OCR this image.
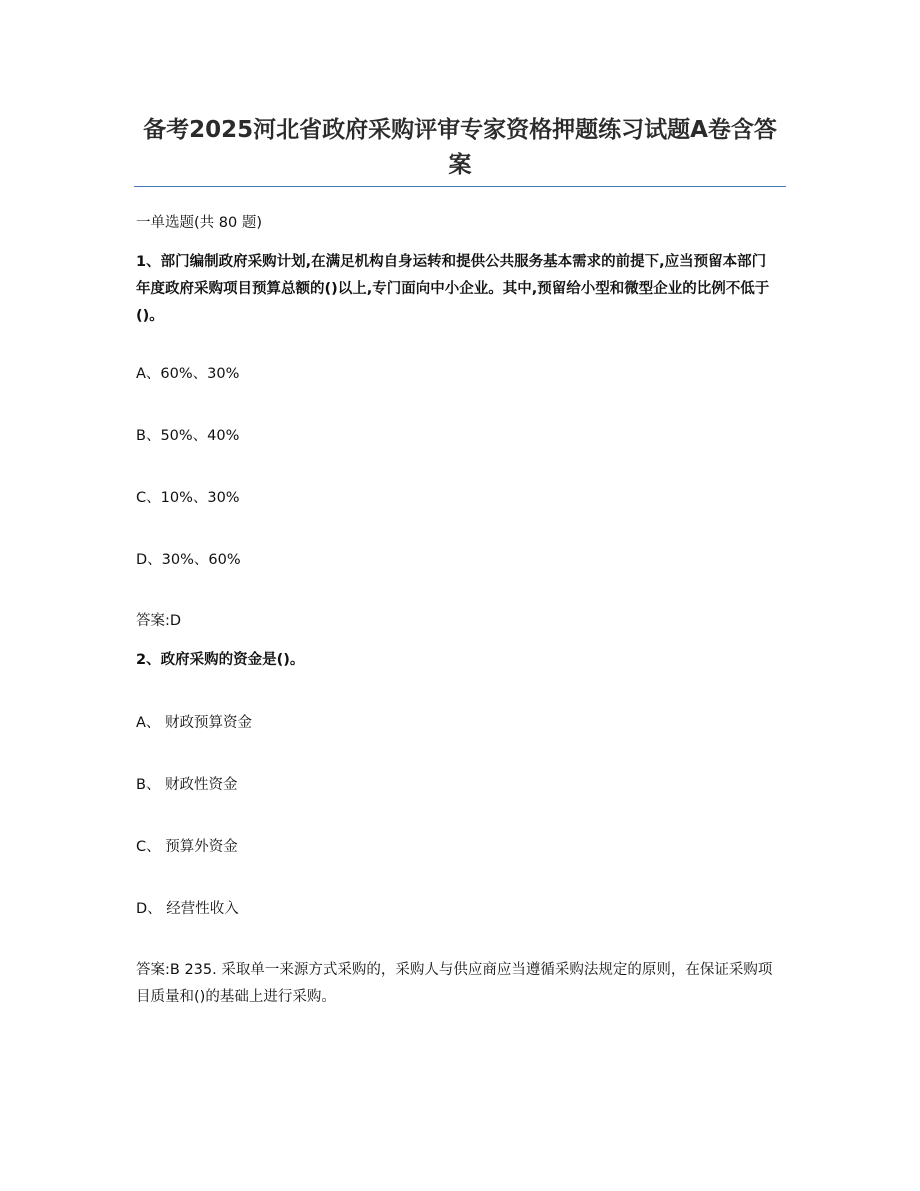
备考2025河北省政府采购评审专家资格押题练习试题A卷含答案
一单选题(共 80 题)
1、部门编制政府采购计划,在满足机构自身运转和提供公共服务基本需求的前提下,应当预留本部门年度政府采购项目预算总额的()以上,专门面向中小企业。其中,预留给小型和微型企业的比例不低于()。
A、60%、30%
B、50%、40%
C、10%、30%
D、30%、60%
答案:D
2、政府采购的资金是()。
A、 财政预算资金
B、 财政性资金
C、 预算外资金
D、 经营性收入
答案:B 235. 采取单一来源方式采购的，采购人与供应商应当遵循采购法规定的原则，在保证采购项目质量和()的基础上进行采购。
